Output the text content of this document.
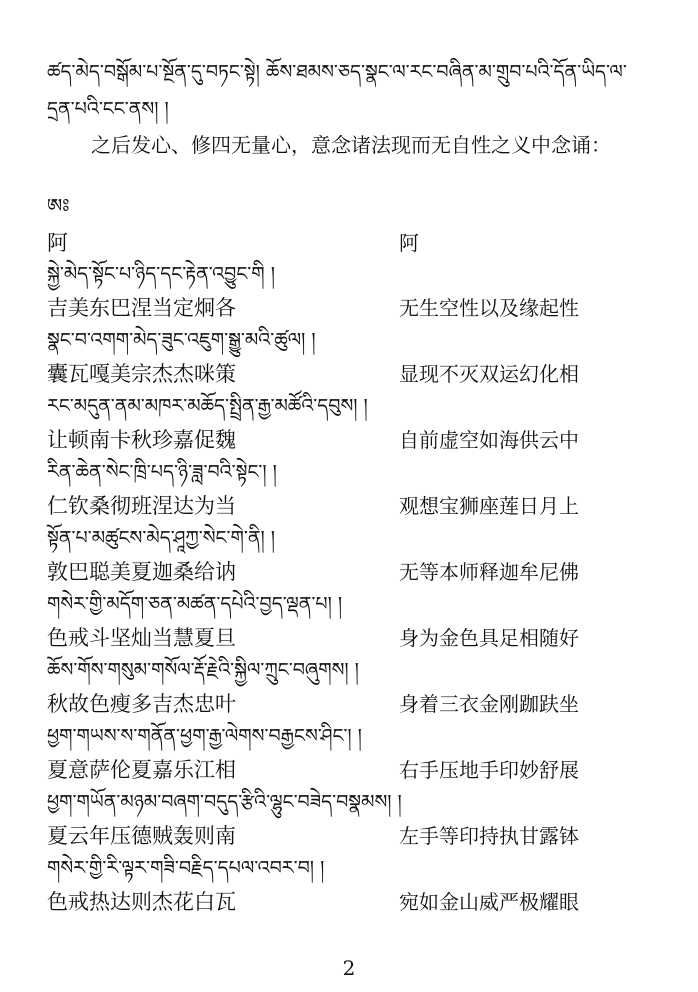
ཚད་མེད་བསྒོམ་པ་སྔོན་དུ་བཏང་སྟེ། ཆོས་ཐམས་ཅད་སྣང་ལ་རང་བཞིན་མ་གྲུབ་པའི་དོན་ཡིད་ལ་
དྲན་པའི་ངང་ནས། །
之后发心、修四无量心，意念诸法现而无自性之义中念诵：
ཨཿ
阿	阿
སྐྱེ་མེད་སྟོང་པ་ཉིད་དང་རྟེན་འབྱུང་གི །
吉美东巴涅当定炯各	无生空性以及缘起性
སྣང་བ་འགག་མེད་ཟུང་འཇུག་སྒྱུ་མའི་ཚུལ། །
囊瓦嘎美宗杰杰咪策	显现不灭双运幻化相
རང་མདུན་ནམ་མཁར་མཆོད་སྤྲིན་རྒྱ་མཚོའི་དབུས། །
让顿南卡秋珍嘉促魏	自前虚空如海供云中
རིན་ཆེན་སེང་ཁྲི་པད་ཉི་ཟླ་བའི་སྟེང་། །
仁钦桑彻班涅达为当	观想宝狮座莲日月上
སྟོན་པ་མཚུངས་མེད་ཤཱཀྱ་སེང་གེ་ནི། །
敦巴聪美夏迦桑给讷	无等本师释迦牟尼佛
གསེར་གྱི་མདོག་ཅན་མཚན་དཔེའི་བྱད་ལྡན་པ། །
色戒斗坚灿当慧夏旦	身为金色具足相随好
ཆོས་གོས་གསུམ་གསོལ་རྡོ་རྗེའི་སྐྱིལ་ཀྲུང་བཞུགས། །
秋故色瘦多吉杰忠叶	身着三衣金刚跏趺坐
ཕྱག་གཡས་ས་གནོན་ཕྱག་རྒྱ་ལེགས་བརྒྱངས་ཤིང་། །
夏意萨伦夏嘉乐江相	右手压地手印妙舒展
ཕྱག་གཡོན་མཉམ་བཞག་བདུད་རྩིའི་ལྷུང་བཟེད་བསྣམས། །
夏云年压德贼轰则南	左手等印持执甘露钵
གསེར་གྱི་རི་ལྟར་གཟི་བརྗིད་དཔལ་འབར་བ། །
色戒热达则杰花白瓦	宛如金山威严极耀眼
2
